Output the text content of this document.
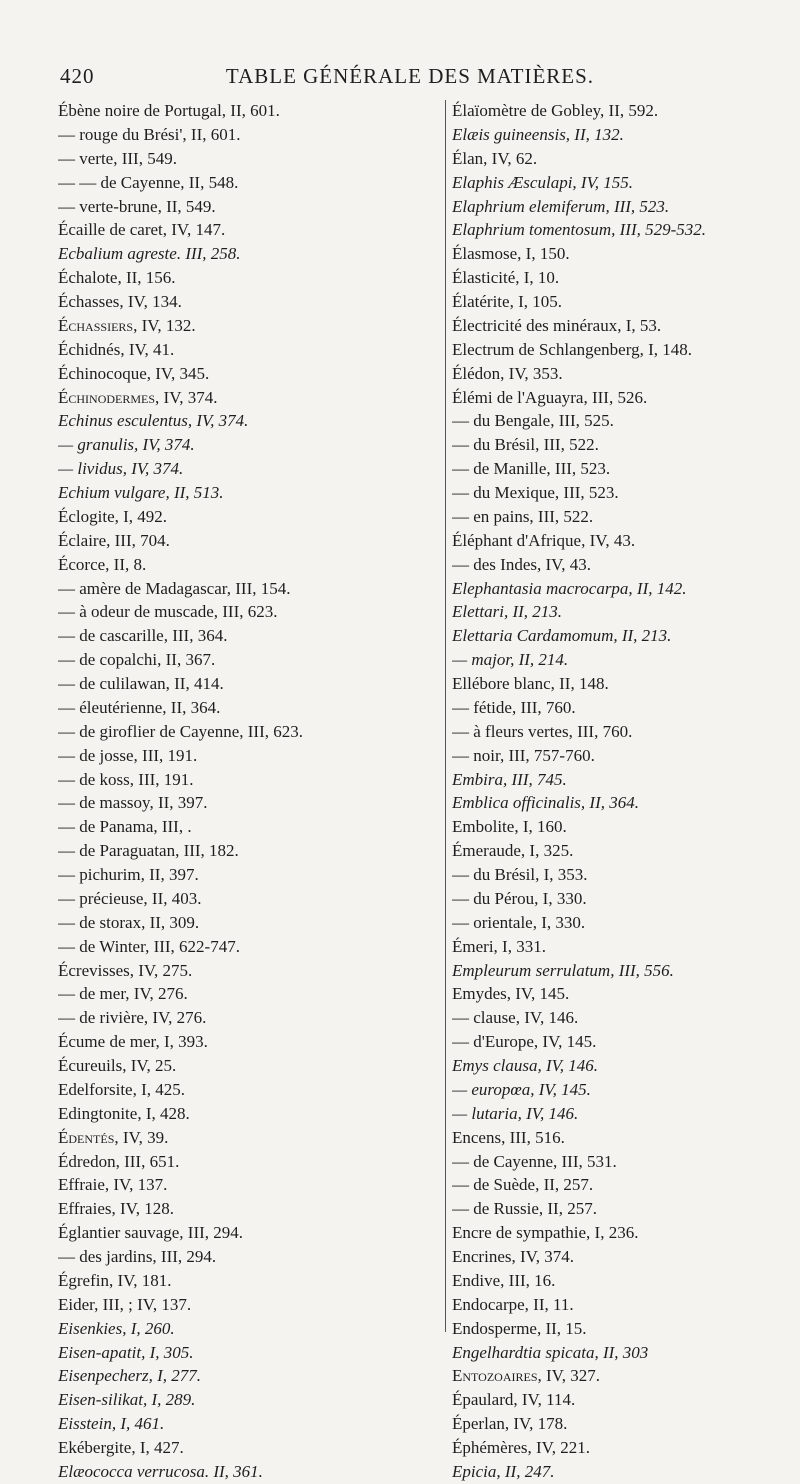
420	TABLE GÉNÉRALE DES MATIÈRES.
Ébène noire de Portugal, II, 601.
— rouge du Brési', II, 601.
— verte, III, 549.
— — de Cayenne, II, 548.
— verte-brune, II, 549.
Écaille de caret, IV, 147.
Ecbalium agreste. III, 258.
Échalote, II, 156.
Échasses, IV, 134.
Échassiers, IV, 132.
Échidnés, IV, 41.
Échinocoque, IV, 345.
Échinodermes, IV, 374.
Echinus esculentus, IV, 374.
— granulis, IV, 374.
— lividus, IV, 374.
Echium vulgare, II, 513.
Éclogite, I, 492.
Éclaire, III, 704.
Écorce, II, 8.
— amère de Madagascar, III, 154.
— à odeur de muscade, III, 623.
— de cascarille, III, 364.
— de copalchi, II, 367.
— de culilawan, II, 414.
— éleutérienne, II, 364.
— de giroflier de Cayenne, III, 623.
— de josse, III, 191.
— de koss, III, 191.
— de massoy, II, 397.
— de Panama, III, .
— de Paraguatan, III, 182.
— pichurim, II, 397.
— précieuse, II, 403.
— de storax, II, 309.
— de Winter, III, 622-747.
Écrevisses, IV, 275.
— de mer, IV, 276.
— de rivière, IV, 276.
Écume de mer, I, 393.
Écureuils, IV, 25.
Edelforsite, I, 425.
Edingtonite, I, 428.
Édentés, IV, 39.
Édredon, III, 651.
Effraie, IV, 137.
Effraies, IV, 128.
Églantier sauvage, III, 294.
— des jardins, III, 294.
Égrefin, IV, 181.
Eider, III, ; IV, 137.
Eisenkies, I, 260.
Eisen-apatit, I, 305.
Eisenpecherz, I, 277.
Eisen-silikat, I, 289.
Eisstein, I, 461.
Ekébergite, I, 427.
Elæococca verrucosa. II, 361.
Élaïomètre de Gobley, II, 592.
Elæis guineensis, II, 132.
Élan, IV, 62.
Elaphis Æsculapi, IV, 155.
Elaphrium elemiferum, III, 523.
Elaphrium tomentosum, III, 529-532.
Élasmose, I, 150.
Élasticité, I, 10.
Élatérite, I, 105.
Électricité des minéraux, I, 53.
Electrum de Schlangenberg, I, 148.
Élédon, IV, 353.
Élémi de l'Aguayra, III, 526.
— du Bengale, III, 525.
— du Brésil, III, 522.
— de Manille, III, 523.
— du Mexique, III, 523.
— en pains, III, 522.
Éléphant d'Afrique, IV, 43.
— des Indes, IV, 43.
Elephantasia macrocarpa, II, 142.
Elettari, II, 213.
Elettaria Cardamomum, II, 213.
— major, II, 214.
Ellébore blanc, II, 148.
— fétide, III, 760.
— à fleurs vertes, III, 760.
— noir, III, 757-760.
Embira, III, 745.
Emblica officinalis, II, 364.
Embolite, I, 160.
Émeraude, I, 325.
— du Brésil, I, 353.
— du Pérou, I, 330.
— orientale, I, 330.
Émeri, I, 331.
Empleurum serrulatum, III, 556.
Emydes, IV, 145.
— clause, IV, 146.
— d'Europe, IV, 145.
Emys clausa, IV, 146.
— europœa, IV, 145.
— lutaria, IV, 146.
Encens, III, 516.
— de Cayenne, III, 531.
— de Suède, II, 257.
— de Russie, II, 257.
Encre de sympathie, I, 236.
Encrines, IV, 374.
Endive, III, 16.
Endocarpe, II, 11.
Endosperme, II, 15.
Engelhardtia spicata, II, 303
Entozoaires, IV, 327.
Épaulard, IV, 114.
Éperlan, IV, 178.
Éphémères, IV, 221.
Epicia, II, 247.
